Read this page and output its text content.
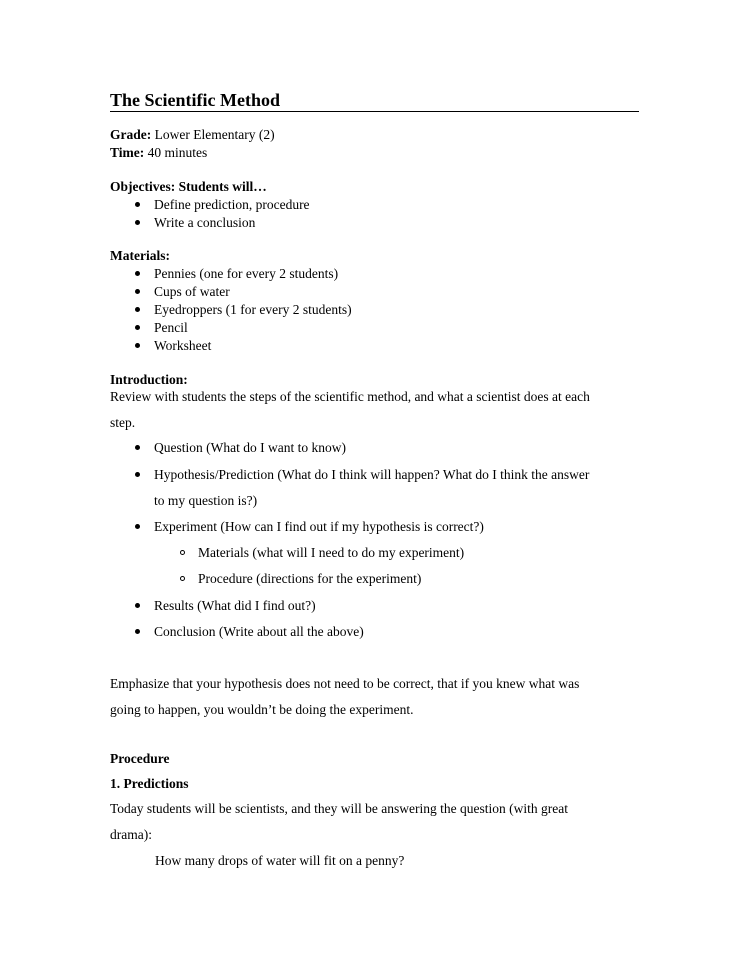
The Scientific Method
Grade: Lower Elementary (2)
Time: 40 minutes
Objectives: Students will…
Define prediction, procedure
Write a conclusion
Materials:
Pennies (one for every 2 students)
Cups of water
Eyedroppers (1 for every 2 students)
Pencil
Worksheet
Introduction:
Review with students the steps of the scientific method, and what a scientist does at each
step.
Question (What do I want to know)
Hypothesis/Prediction (What do I think will happen? What do I think the answer
to my question is?)
Experiment (How can I find out if my hypothesis is correct?)
Materials (what will I need to do my experiment)
Procedure (directions for the experiment)
Results (What did I find out?)
Conclusion (Write about all the above)
Emphasize that your hypothesis does not need to be correct, that if you knew what was
going to happen, you wouldn’t be doing the experiment.
Procedure
1. Predictions
Today students will be scientists, and they will be answering the question (with great
drama):
How many drops of water will fit on a penny?
